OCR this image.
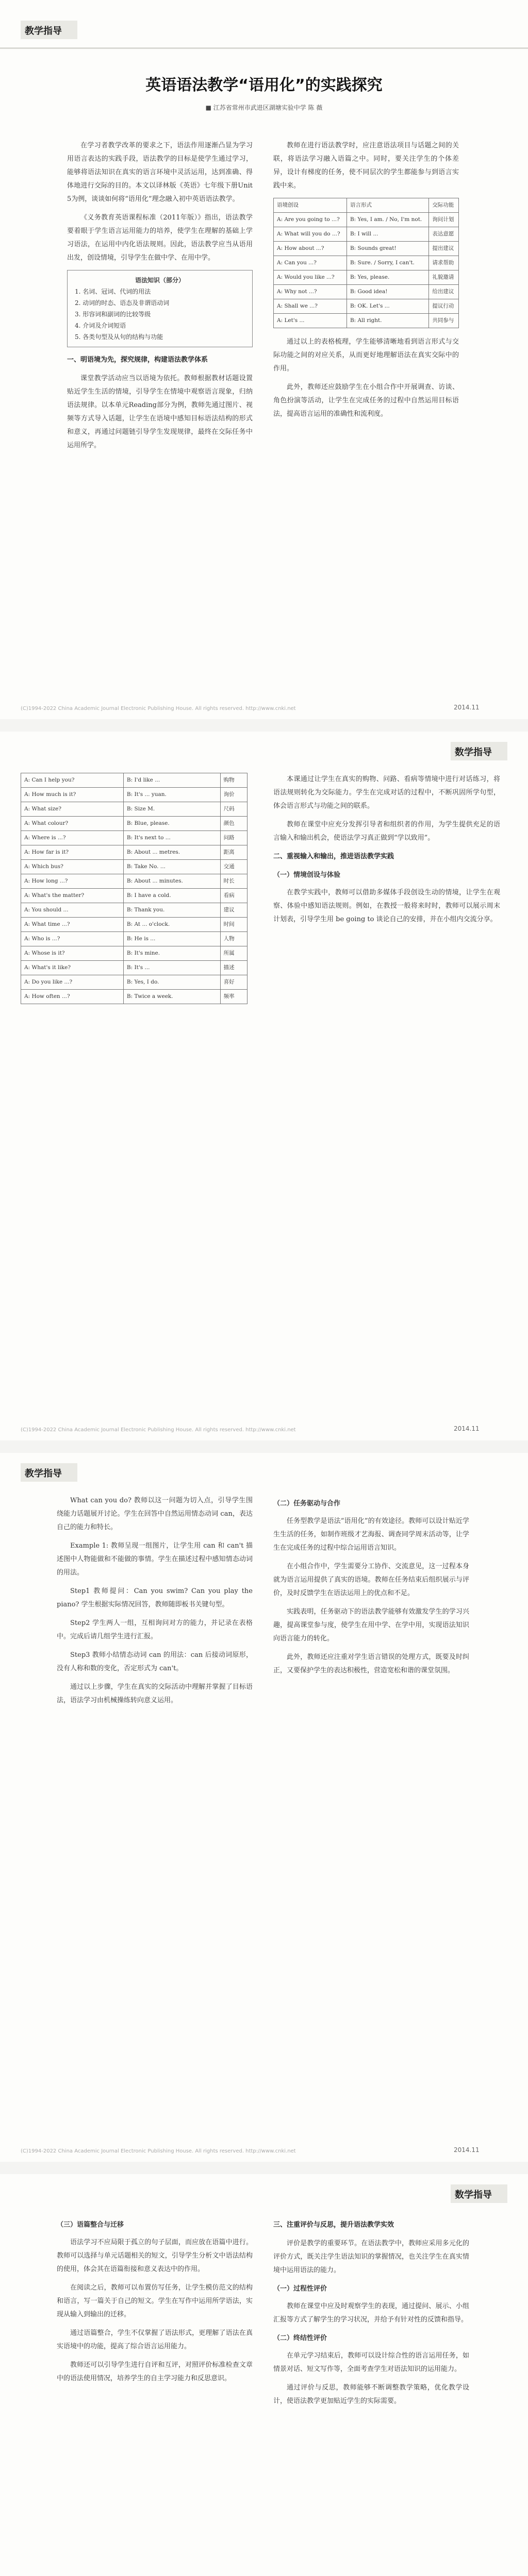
教学指导
英语语法教学“语用化”的实践探究
■ 江苏省常州市武进区湖塘实验中学 陈 薇

在学习者教学改革的要求之下，语法作用逐渐凸显为学习用语言表达的实践手段，语法教学的目标是使学生通过学习，能够将语法知识在真实的语言环境中灵活运用，达到准确、得体地进行交际的目的。本文以译林版《英语》七年级下册Unit 5为例，谈谈如何将“语用化”理念融入初中英语语法教学。

《义务教育英语课程标准（2011年版）》指出，语法教学要着眼于学生语言运用能力的培养，使学生在理解的基础上学习语法，在运用中内化语法规则。因此，语法教学应当从语用出发，创设情境，引导学生在做中学、在用中学。

语法知识（部分）
1. 名词、冠词、代词的用法
2. 动词的时态、语态及非谓语动词
3. 形容词和副词的比较等级
4. 介词及介词短语
5. 各类句型及从句的结构与功能
一、明语境为先，探究规律，构建语法教学体系

课堂教学活动应当以语境为依托。教师根据教材话题设置贴近学生生活的情境，引导学生在情境中观察语言现象，归纳语法规律。以本单元Reading部分为例，教师先通过图片、视频等方式导入话题，让学生在语境中感知目标语法结构的形式和意义，再通过问题链引导学生发现规律，最终在交际任务中运用所学。

教师在进行语法教学时，应注意语法项目与话题之间的关联，将语法学习融入语篇之中。同时，要关注学生的个体差异，设计有梯度的任务，使不同层次的学生都能参与到语言实践中来。

语境创设	语言形式	交际功能
A: Are you going to ...?	B: Yes, I am. / No, I'm not.	询问计划
A: What will you do ...?	B: I will ...	表达意愿
A: How about ...?	B: Sounds great!	提出建议
A: Can you ...?	B: Sure. / Sorry, I can't.	请求帮助
A: Would you like ...?	B: Yes, please.	礼貌邀请
A: Why not ...?	B: Good idea!	给出建议
A: Shall we ...?	B: OK. Let's ...	提议行动
A: Let's ...	B: All right.	共同参与

通过以上的表格梳理，学生能够清晰地看到语言形式与交际功能之间的对应关系，从而更好地理解语法在真实交际中的作用。

此外，教师还应鼓励学生在小组合作中开展调查、访谈、角色扮演等活动，让学生在完成任务的过程中自然运用目标语法，提高语言运用的准确性和流利度。

(C)1994-2022 China Academic Journal Electronic Publishing House. All rights reserved. http://www.cnki.net	2014.11
数学指导
A: Can I help you?	B: I'd like ...	购物
A: How much is it?	B: It's ... yuan.	询价
A: What size?	B: Size M.	尺码
A: What colour?	B: Blue, please.	颜色
A: Where is ...?	B: It's next to ...	问路
A: How far is it?	B: About ... metres.	距离
A: Which bus?	B: Take No. ...	交通
A: How long ...?	B: About ... minutes.	时长
A: What's the matter?	B: I have a cold.	看病
A: You should ...	B: Thank you.	建议
A: What time ...?	B: At ... o'clock.	时间
A: Who is ...?	B: He is ...	人物
A: Whose is it?	B: It's mine.	所属
A: What's it like?	B: It's ...	描述
A: Do you like ...?	B: Yes, I do.	喜好
A: How often ...?	B: Twice a week.	频率

本课通过让学生在真实的购物、问路、看病等情境中进行对话练习，将语法规则转化为交际能力。学生在完成对话的过程中，不断巩固所学句型，体会语言形式与功能之间的联系。

教师在课堂中应充分发挥引导者和组织者的作用，为学生提供充足的语言输入和输出机会，使语法学习真正做到“学以致用”。

二、重视输入和输出，推进语法教学实践
（一）情境创设与体验

在教学实践中，教师可以借助多媒体手段创设生动的情境，让学生在观察、体验中感知语法规则。例如，在教授一般将来时时，教师可以展示周末计划表，引导学生用 be going to 谈论自己的安排，并在小组内交流分享。

(C)1994-2022 China Academic Journal Electronic Publishing House. All rights reserved. http://www.cnki.net	2014.11
教学指导

What can you do? 教师以这一问题为切入点，引导学生围绕能力话题展开讨论。学生在回答中自然运用情态动词 can，表达自己的能力和特长。

Example 1: 教师呈现一组图片，让学生用 can 和 can't 描述图中人物能做和不能做的事情。学生在描述过程中感知情态动词的用法。

Step1 教师提问：Can you swim? Can you play the piano? 学生根据实际情况回答，教师随即板书关键句型。

Step2 学生两人一组，互相询问对方的能力，并记录在表格中。完成后请几组学生进行汇报。

Step3 教师小结情态动词 can 的用法：can 后接动词原形，没有人称和数的变化，否定形式为 can't。

通过以上步骤，学生在真实的交际活动中理解并掌握了目标语法，语法学习由机械操练转向意义运用。

（二）任务驱动与合作

任务型教学是语法“语用化”的有效途径。教师可以设计贴近学生生活的任务，如制作班级才艺海报、调查同学周末活动等，让学生在完成任务的过程中综合运用语言知识。

在小组合作中，学生需要分工协作、交流意见，这一过程本身就为语言运用提供了真实的语境。教师在任务结束后组织展示与评价，及时反馈学生在语法运用上的优点和不足。

实践表明，任务驱动下的语法教学能够有效激发学生的学习兴趣，提高课堂参与度，使学生在用中学、在学中用，实现语法知识向语言能力的转化。

此外，教师还应注重对学生语言错误的处理方式，既要及时纠正，又要保护学生的表达积极性，营造宽松和谐的课堂氛围。

(C)1994-2022 China Academic Journal Electronic Publishing House. All rights reserved. http://www.cnki.net	2014.11
数学指导
（三）语篇整合与迁移

语法学习不应局限于孤立的句子层面，而应放在语篇中进行。教师可以选择与单元话题相关的短文，引导学生分析文中语法结构的使用，体会其在语篇衔接和意义表达中的作用。

在阅读之后，教师可以布置仿写任务，让学生模仿范文的结构和语言，写一篇关于自己的短文。学生在写作中运用所学语法，实现从输入到输出的迁移。

通过语篇整合，学生不仅掌握了语法形式，更理解了语法在真实语境中的功能，提高了综合语言运用能力。

教师还可以引导学生进行自评和互评，对照评价标准检查文章中的语法使用情况，培养学生的自主学习能力和反思意识。

三、注重评价与反思，提升语法教学实效

评价是教学的重要环节。在语法教学中，教师应采用多元化的评价方式，既关注学生语法知识的掌握情况，也关注学生在真实情境中运用语法的能力。

（一）过程性评价

教师在课堂中应及时观察学生的表现，通过提问、展示、小组汇报等方式了解学生的学习状况，并给予有针对性的反馈和指导。

（二）终结性评价

在单元学习结束后，教师可以设计综合性的语言运用任务，如情景对话、短文写作等，全面考查学生对语法知识的运用能力。

通过评价与反思，教师能够不断调整教学策略，优化教学设计，使语法教学更加贴近学生的实际需要。
